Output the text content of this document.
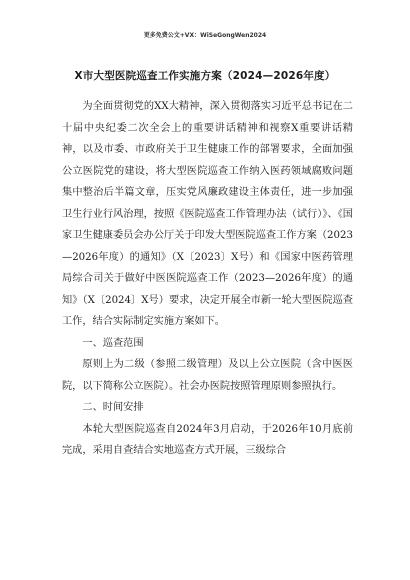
更多免费公文+VX：WiSeGongWen2024
X市大型医院巡查工作实施方案（2024—2026年度）

为全面贯彻党的XX大精神，深入贯彻落实习近平总书记在二十届中央纪委二次全会上的重要讲话精神和视察X重要讲话精神，以及市委、市政府关于卫生健康工作的部署要求，全面加强公立医院党的建设，将大型医院巡查工作纳入医药领域腐败问题集中整治后半篇文章，压实党风廉政建设主体责任，进一步加强卫生行业行风治理，按照《医院巡查工作管理办法（试行）》、《国家卫生健康委员会办公厅关于印发大型医院巡查工作方案（2023—2026年度）的通知》（X〔2023〕X号）和《国家中医药管理局综合司关于做好中医医院巡查工作（2023—2026年度）的通知》（X〔2024〕X号）要求，决定开展全市新一轮大型医院巡查工作，结合实际制定实施方案如下。

一、巡查范围

原则上为二级（参照二级管理）及以上公立医院（含中医医院，以下简称公立医院）。社会办医院按照管理原则参照执行。

二、时间安排

本轮大型医院巡查自2024年3月启动，于2026年10月底前完成，采用自查结合实地巡查方式开展，三级综合
